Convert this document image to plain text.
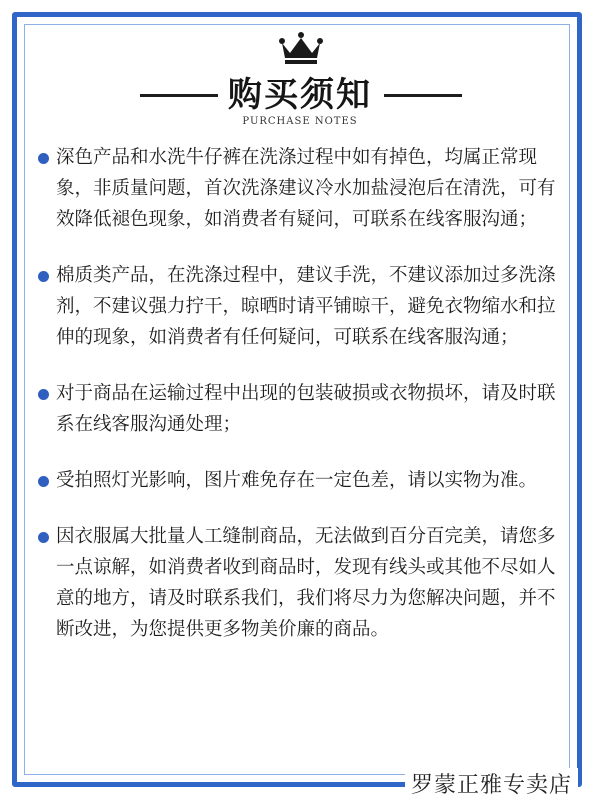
购买须知
PURCHASE NOTES
深色产品和水洗牛仔裤在洗涤过程中如有掉色，均属正常现象，非质量问题，首次洗涤建议冷水加盐浸泡后在清洗，可有效降低褪色现象，如消费者有疑问，可联系在线客服沟通；
棉质类产品，在洗涤过程中，建议手洗，不建议添加过多洗涤剂，不建议强力拧干，晾晒时请平铺晾干，避免衣物缩水和拉伸的现象，如消费者有任何疑问，可联系在线客服沟通；
对于商品在运输过程中出现的包装破损或衣物损坏，请及时联系在线客服沟通处理；
受拍照灯光影响，图片难免存在一定色差，请以实物为准。
因衣服属大批量人工缝制商品，无法做到百分百完美，请您多一点谅解，如消费者收到商品时，发现有线头或其他不尽如人意的地方，请及时联系我们，我们将尽力为您解决问题，并不断改进，为您提供更多物美价廉的商品。
罗蒙正雅专卖店
